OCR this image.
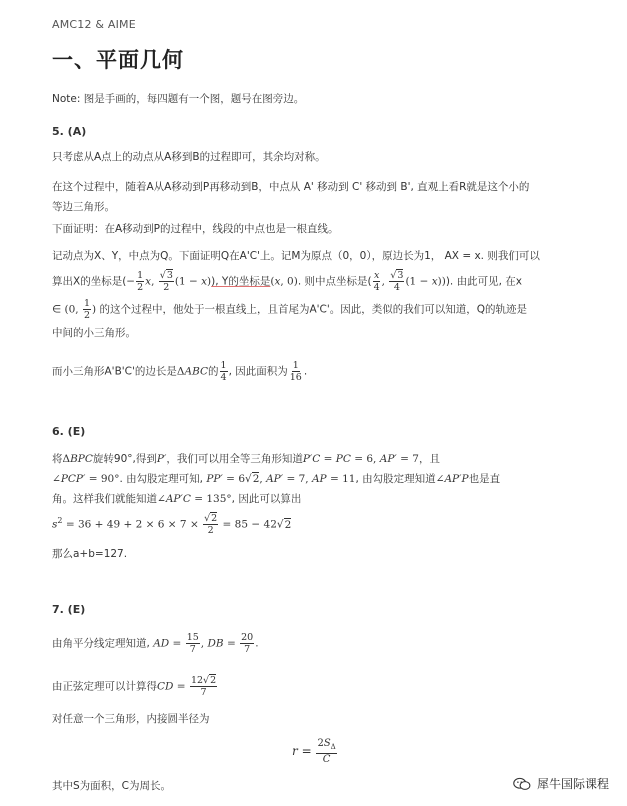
AMC12 & AIME
一、平面几何
Note: 图是手画的，每四题有一个图，题号在图旁边。
5. (A)
只考虑从A点上的动点从A移到B的过程即可，其余均对称。
在这个过程中，随着A从A移动到P再移动到B，中点从 A' 移动到 C' 移动到 B', 直观上看R就是这个小的
等边三角形。
下面证明：在A移动到P的过程中，线段的中点也是一根直线。
记动点为X、Y，中点为Q。下面证明Q在A'C'上。记M为原点（0，0），原边长为1， AX = x. 则我们可以
算出X的坐标是(− $\frac{1}{2} x$, $\frac{√3}{2} (1 - x)$), Y的坐标是(x, 0). 则中点坐标是( $\frac{x}{4}$ , $\frac{√3}{4} (1 - x)$)). 由此可见, 在x
∈ (0, $\frac{1}{2}$ ) 的这个过程中，他处于一根直线上，且首尾为A'C'。因此，类似的我们可以知道，Q的轨迹是
中间的小三角形。
而小三角形A'B'C'的边长是ΔABC的 $\frac{1}{4}$ , 因此面积为 $\frac{1}{16}$ .
6. (E)
将ΔBPC旋转90°,得到P′，我们可以用全等三角形知道P′C = PC = 6, AP′ = 7，且
∠PCP′ = 90°. 由勾股定理可知, PP′ = 6√2, AP′ = 7, AP = 11, 由勾股定理知道∠AP′P也是直
角。这样我们就能知道∠AP′C = 135°, 因此可以算出
$s^2 = 36 + 49 + 2 \times 6 \times 7 \times \frac{√2}{2} = 85 - 42√2$
那么a+b=127.
7. (E)
由角平分线定理知道, AD = $\frac{15}{7}$ , DB = $\frac{20}{7}$ .
由正弦定理可以计算得CD = $\frac{12√2}{7}$
对任意一个三角形，内接圆半径为
$r = \frac{2S_\Delta}{C}$
其中S为面积，C为周长。	犀牛国际课程
